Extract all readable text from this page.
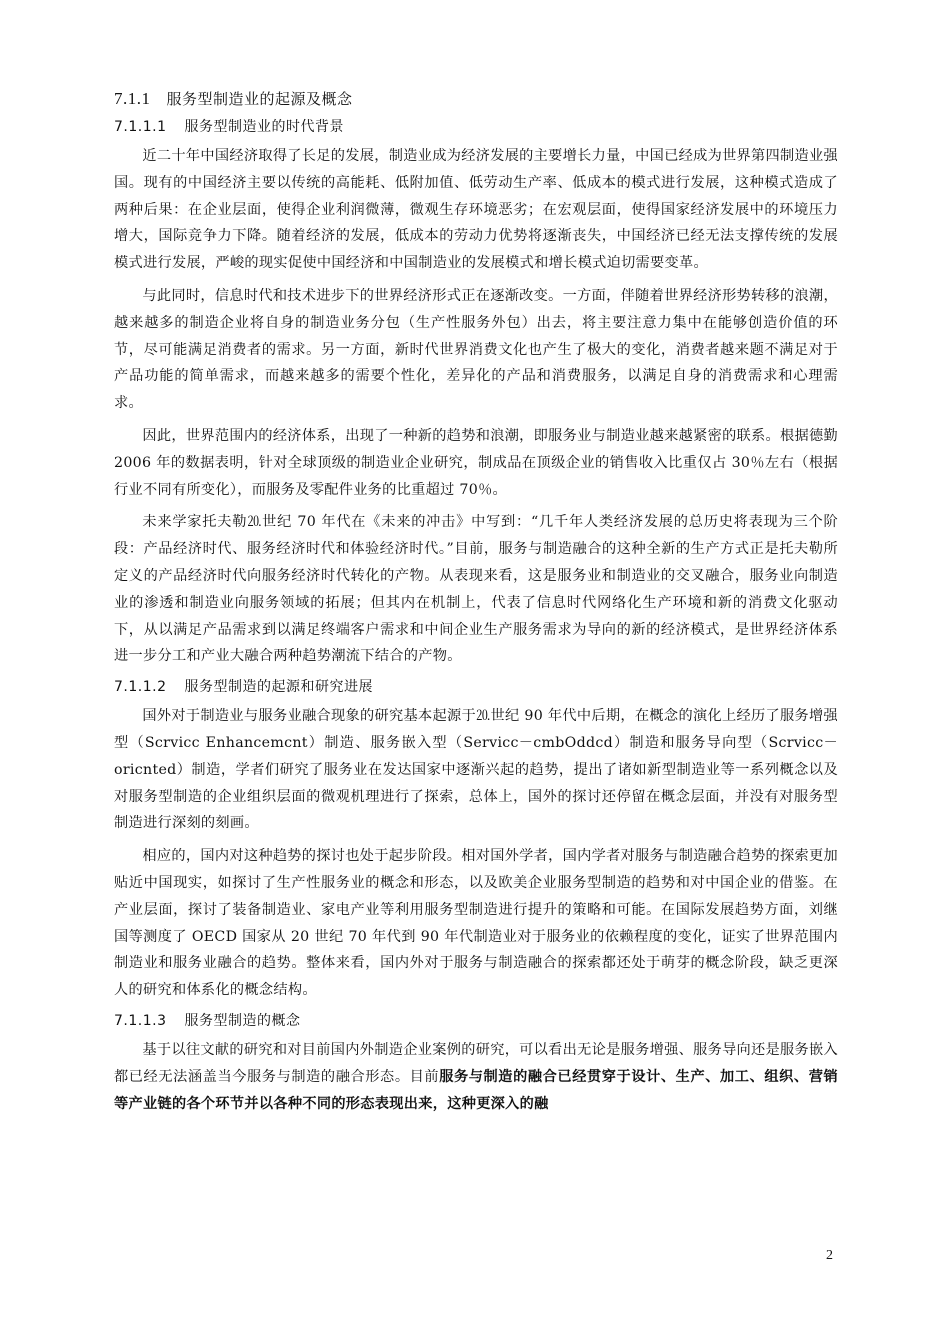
7.1.1 服务型制造业的起源及概念
7.1.1.1 服务型制造业的时代背景

近二十年中国经济取得了长足的发展，制造业成为经济发展的主要增长力量，中国已经成为世界第四制造业强国。现有的中国经济主要以传统的高能耗、低附加值、低劳动生产率、低成本的模式进行发展，这种模式造成了两种后果：在企业层面，使得企业利润微薄，微观生存环境恶劣；在宏观层面，使得国家经济发展中的环境压力增大，国际竞争力下降。随着经济的发展，低成本的劳动力优势将逐渐丧失，中国经济已经无法支撑传统的发展模式进行发展，严峻的现实促使中国经济和中国制造业的发展模式和增长模式迫切需要变革。

与此同时，信息时代和技术进步下的世界经济形式正在逐渐改变。一方面，伴随着世界经济形势转移的浪潮，越来越多的制造企业将自身的制造业务分包（生产性服务外包）出去，将主要注意力集中在能够创造价值的环节，尽可能满足消费者的需求。另一方面，新时代世界消费文化也产生了极大的变化，消费者越来题不满足对于产品功能的简单需求，而越来越多的需要个性化，差异化的产品和消费服务，以满足自身的消费需求和心理需求。

因此，世界范围内的经济体系，出现了一种新的趋势和浪潮，即服务业与制造业越来越紧密的联系。根据德勤 2006 年的数据表明，针对全球顶级的制造业企业研究，制成品在顶级企业的销售收入比重仅占 30％左右（根据行业不同有所变化），而服务及零配件业务的比重超过 70％。

未来学家托夫勒⒛世纪 70 年代在《未来的冲击》中写到：“几千年人类经济发展的总历史将表现为三个阶段：产品经济时代、服务经济时代和体验经济时代。”目前，服务与制造融合的这种全新的生产方式正是托夫勒所定义的产品经济时代向服务经济时代转化的产物。从表现来看，这是服务业和制造业的交叉融合，服务业向制造业的渗透和制造业向服务领域的拓展；但其内在机制上，代表了信息时代网络化生产环境和新的消费文化驱动下，从以满足产品需求到以满足终端客户需求和中间企业生产服务需求为导向的新的经济模式，是世界经济体系进一步分工和产业大融合两种趋势潮流下结合的产物。

7.1.1.2 服务型制造的起源和研究进展

国外对于制造业与服务业融合现象的研究基本起源于⒛世纪 90 年代中后期，在概念的演化上经历了服务增强型（Scrvicc Enhancemcnt）制造、服务嵌入型（Servicc－cmbOddcd）制造和服务导向型（Scrvicc－oricnted）制造，学者们研究了服务业在发达国家中逐渐兴起的趋势，提出了诸如新型制造业等一系列概念以及对服务型制造的企业组织层面的微观机理进行了探索，总体上，国外的探讨还停留在概念层面，并没有对服务型制造进行深刻的刻画。

相应的，国内对这种趋势的探讨也处于起步阶段。相对国外学者，国内学者对服务与制造融合趋势的探索更加贴近中国现实，如探讨了生产性服务业的概念和形态，以及欧美企业服务型制造的趋势和对中国企业的借鉴。在产业层面，探讨了装备制造业、家电产业等利用服务型制造进行提升的策略和可能。在国际发展趋势方面，刘继国等测度了 OECD 国家从 20 世纪 70 年代到 90 年代制造业对于服务业的依赖程度的变化，证实了世界范围内制造业和服务业融合的趋势。整体来看，国内外对于服务与制造融合的探索都还处于萌芽的概念阶段，缺乏更深人的研究和体系化的概念结构。

7.1.1.3 服务型制造的概念

基于以往文献的研究和对目前国内外制造企业案例的研究，可以看出无论是服务增强、服务导向还是服务嵌入都已经无法涵盖当今服务与制造的融合形态。目前服务与制造的融合已经贯穿于设计、生产、加工、组织、营销等产业链的各个环节并以各种不同的形态表现出来，这种更深入的融

2
